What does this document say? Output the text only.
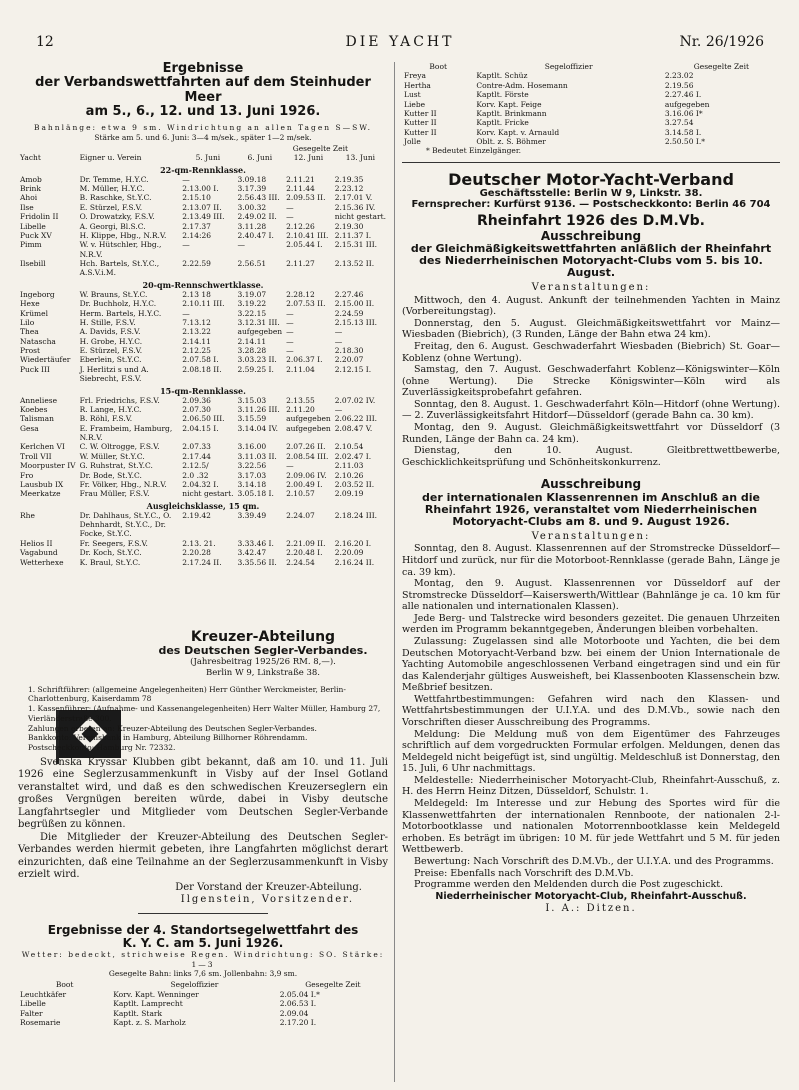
12	DIE YACHT	Nr. 26/1926
Ergebnisse
der Verbandswettfahrten auf dem Steinhuder Meer
am 5., 6., 12. und 13. Juni 1926.
Bahnlänge: etwa 9 sm. Windrichtung an allen Tagen S—SW.
Stärke am 5. und 6. Juni: 3—4 m/sek., später 1—2 m/sek.
Gesegelte Zeit
Yacht	Eigner u. Verein	5. Juni	6. Juni	12. Juni	13. Juni
22-qm-Rennklasse.					
Amob	Dr. Temme, H.Y.C.	—	3.09.18	2.11.21	2.19.35
Brink	M. Müller, H.Y.C.	2.13.00 I.	3.17.39	2.11.44	2.23.12
Ahoi	B. Raschke, St.Y.C.	2.15.10	2.56.43 III.	2.09.53 II.	2.17.01 V.
Ilse	E. Stürzel, F.S.V.	2.13.07 II.	3.00.32	—	2.15.36 IV.
Fridolin II	O. Drowatzky, F.S.V.	2.13.49 III.	2.49.02 II.	—	nicht gestart.
Libelle	A. Georgi, Bl.S.C.	2.17.37	3.11.28	2.12.26	2.19.30
Puck XV	H. Klippe, Hbg., N.R.V.	2.14:26	2.40.47 I.	2.10.41 III.	2.11.37 I.
Pimm	W. v. Hütschler, Hbg., N.R.V.	—	—	2.05.44 I.	2.15.31 III.
Ilsebill	Hch. Bartels, St.Y.C., A.S.V.i.M.	2.22.59	2.56.51	2.11.27	2.13.52 II.
20-qm-Rennschwertklasse.					
Ingeborg	W. Brauns, St.Y.C.	2.13 18	3.19.07	2.28.12	2.27.46
Hexe	Dr. Buchholz, H.Y.C.	2.10.11 III.	3.19.22	2.07.53 II.	2.15.00 II.
Krümel	Herm. Bartels, H.Y.C.	—	3.22.15	—	2.24.59
Lilo	H. Stille, F.S.V.	7.13.12	3.12.31 III.	—	2.15.13 III.
Thea	A. Davids, F.S.V.	2.13.22	aufgegeben	—	—
Natascha	H. Grobe, H.Y.C.	2.14.11	2.14.11	—	—
Prost	E. Stürzel, F.S.V.	2.12.25	3.28.28	—	2.18.30
Wiedertäufer	Eberlein, St.Y.C.	2.07.58 I.	3.03.23 II.	2.06.37 I.	2.20.07
Puck III	J. Herlitzi s und A. Siebrecht, F.S.V.	2.08.18 II.	2.59.25 I.	2.11.04	2.12.15 I.
15-qm-Rennklasse.					
Anneliese	Frl. Friedrichs, F.S.V.	2.09.36	3.15.03	2.13.55	2.07.02 IV.
Koebes	R. Lange, H.Y.C.	2.07.30	3.11.26 III.	2.11.20	—
Talisman	B. Röhl, F.S.V.	2.06.50 III.	3.15.59	aufgegeben	2.06.22 III.
Gesa	E. Frambeim, Hamburg, N.R.V.	2.04.15 I.	3.14.04 IV.	aufgegeben	2.08.47 V.
Kerlchen VI	C. W. Oltrogge, F.S.V.	2.07.33	3.16.00	2.07.26 II.	2.10.54
Troll VII	W. Müller, St.Y.C.	2.17.44	3.11.03 II.	2.08.54 III.	2.02.47 I.
Moorpuster IV	G. Ruhstrat, St.Y.C.	2.12.5/	3.22.56	—	2.11.03
Fro	Dr. Bode, St.Y.C.	2.0 .32	3.17.03	2.09.06 IV.	2.10.26
Lausbub IX	Fr. Völker, Hbg., N.R.V.	2.04.32 I.	3.14.18	2.00.49 I.	2.03.52 II.
Meerkatze	Frau Müller, F.S.V.	nicht gestart.	3.05.18 I.	2.10.57	2.09.19
Ausgleichsklasse, 15 qm.					
Rhe	Dr. Dahlhaus, St.Y.C., O. Dehnhardt, St.Y.C., Dr. Focke, St.Y.C.	2.19.42	3.39.49	2.24.07	2.18.24 III.
Helios II	Fr. Seegers, F.S.V.	2.13. 21.	3.33.46 I.	2.21.09 II.	2.16.20 I.
Vagabund	Dr. Koch, St.Y.C.	2.20.28	3.42.47	2.20.48 I.	2.20.09
Wetterhexe	K. Braul, St.Y.C.	2.17.24 II.	3.35.56 II.	2.24.54	2.16.24 II.
Kreuzer-Abteilung
des Deutschen Segler-Verbandes.
(Jahresbeitrag 1925/26 RM. 8,—).
Berlin W 9, Linkstraße 38.
1. Schriftführer: (allgemeine Angelegenheiten) Herr Günther Werckmeister, Berlin-Charlottenburg, Kaiserdamm 78
1. Kassenführer: (Aufnahme- und Kassenangelegenheiten) Herr Walter Müller, Hamburg 27, Vierländerstraße 300.
Zahlungen erbeten an: Kreuzer-Abteilung des Deutschen Segler-Verbandes.
Bankkonto: Vereinsbank in Hamburg, Abteilung Billhorner Röhrendamm.
Postscheckkonto: Hamburg Nr. 72332.
Svenska Kryssar Klubben gibt bekannt, daß am 10. und 11. Juli 1926 eine Seglerzusammenkunft in Visby auf der Insel Gotland veranstaltet wird, und daß es den schwedischen Kreuzerseglern ein großes Vergnügen bereiten würde, dabei in Visby deutsche Langfahrtsegler und Mitglieder vom Deutschen Segler-Verbande begrüßen zu können.
Die Mitglieder der Kreuzer-Abteilung des Deutschen Segler-Verbandes werden hiermit gebeten, ihre Langfahrten möglichst derart einzurichten, daß eine Teilnahme an der Seglerzusammenkunft in Visby erzielt wird.
Der Vorstand der Kreuzer-Abteilung.
Ilgenstein, Vorsitzender.
Ergebnisse der 4. Standortsegelwettfahrt des
K. Y. C. am 5. Juni 1926.
Wetter: bedeckt, strichweise Regen. Windrichtung: SO. Stärke: 1—3
Gesegelte Bahn: links 7,6 sm. Jollenbahn: 3,9 sm.
Boot	Segeloffizier	Gesegelte Zeit
Leuchtkäfer	Korv. Kapt. Wenninger	2.05.04 I.*
Libelle	Kaptlt. Lamprecht	2.06.53 I.
Falter	Kaptlt. Stark	2.09.04
Rosemarie	Kapt. z. S. Marholz	2.17.20 I.
Boot	Segeloffizier	Gesegelte Zeit
Freya	Kaptlt. Schüz	2.23.02
Hertha	Contre-Adm. Hosemann	2.19.56
Lust	Kaptlt. Förste	2.27.46 I.
Liebe	Korv. Kapt. Feige	aufgegeben
Kutter II	Kaptlt. Brinkmann	3.16.06 I*
Kutter II	Kaptlt. Fricke	3.27.54
Kutter II	Korv. Kapt. v. Arnauld	3.14.58 I.
Jolle	Oblt. z. S. Böhmer	2.50.50 I.*
* Bedeutet Einzelgänger.
Deutscher Motor-Yacht-Verband
Geschäftsstelle: Berlin W 9, Linkstr. 38.
Fernsprecher: Kurfürst 9136. — Postscheckkonto: Berlin 46 704
Rheinfahrt 1926 des D.M.Vb.
Ausschreibung
der Gleichmäßigkeitswettfahrten anläßlich der Rheinfahrt des Niederrheinischen Motoryacht-Clubs vom 5. bis 10. August.
Veranstaltungen:
Mittwoch, den 4. August. Ankunft der teilnehmenden Yachten in Mainz (Vorbereitungstag).
Donnerstag, den 5. August. Gleichmäßigkeitswettfahrt vor Mainz—Wiesbaden (Biebrich), (3 Runden, Länge der Bahn etwa 24 km).
Freitag, den 6. August. Geschwaderfahrt Wiesbaden (Biebrich) St. Goar—Koblenz (ohne Wertung).
Samstag, den 7. August. Geschwaderfahrt Koblenz—Königswinter—Köln (ohne Wertung). Die Strecke Königswinter—Köln wird als Zuverlässigkeitsprobefahrt gefahren.
Sonntag, den 8. August. 1. Geschwaderfahrt Köln—Hitdorf (ohne Wertung). — 2. Zuverlässigkeitsfahrt Hitdorf—Düsseldorf (gerade Bahn ca. 30 km).
Montag, den 9. August. Gleichmäßigkeitswettfahrt vor Düsseldorf (3 Runden, Länge der Bahn ca. 24 km).
Dienstag, den 10. August. Gleitbrettwettbewerbe, Geschicklichkeitsprüfung und Schönheitskonkurrenz.
Ausschreibung
der internationalen Klassenrennen im Anschluß an die Rheinfahrt 1926, veranstaltet vom Niederrheinischen Motoryacht-Clubs am 8. und 9. August 1926.
Veranstaltungen:
Sonntag, den 8. August. Klassenrennen auf der Stromstrecke Düsseldorf—Hitdorf und zurück, nur für die Motorboot-Rennklasse (gerade Bahn, Länge je ca. 39 km).
Montag, den 9. August. Klassenrennen vor Düsseldorf auf der Stromstrecke Düsseldorf—Kaiserswerth/Wittlear (Bahnlänge je ca. 10 km für alle nationalen und internationalen Klassen).
Jede Berg- und Talstrecke wird besonders gezeitet. Die genauen Uhrzeiten werden im Programm bekanntgegeben, Änderungen bleiben vorbehalten.
Zulassung: Zugelassen sind alle Motorboote und Yachten, die bei dem Deutschen Motoryacht-Verband bzw. bei einem der Union Internationale de Yachting Automobile angeschlossenen Verband eingetragen sind und ein für das Kalenderjahr gültiges Ausweisheft, bei Klassenbooten Klassenschein bzw. Meßbrief besitzen.
Wettfahrtbestimmungen: Gefahren wird nach den Klassen- und Wettfahrtsbestimmungen der U.I.Y.A. und des D.M.Vb., sowie nach den Vorschriften dieser Ausschreibung des Programms.
Meldung: Die Meldung muß von dem Eigentümer des Fahrzeuges schriftlich auf dem vorgedruckten Formular erfolgen. Meldungen, denen das Meldegeld nicht beigefügt ist, sind ungültig. Meldeschluß ist Donnerstag, den 15. Juli, 6 Uhr nachmittags.
Meldestelle: Niederrheinischer Motoryacht-Club, Rheinfahrt-Ausschuß, z. H. des Herrn Heinz Ditzen, Düsseldorf, Schulstr. 1.
Meldegeld: Im Interesse und zur Hebung des Sportes wird für die Klassenwettfahrten der internationalen Rennboote, der nationalen 2-l-Motorbootklasse und nationalen Motorrennbootklasse kein Meldegeld erhoben. Es beträgt im übrigen: 10 M. für jede Wettfahrt und 5 M. für jeden Wettbewerb.
Bewertung: Nach Vorschrift des D.M.Vb., der U.I.Y.A. und des Programms.
Preise: Ebenfalls nach Vorschrift des D.M.Vb.
Programme werden den Meldenden durch die Post zugeschickt.
Niederrheinischer Motoryacht-Club, Rheinfahrt-Ausschuß.
I. A.: Ditzen.
